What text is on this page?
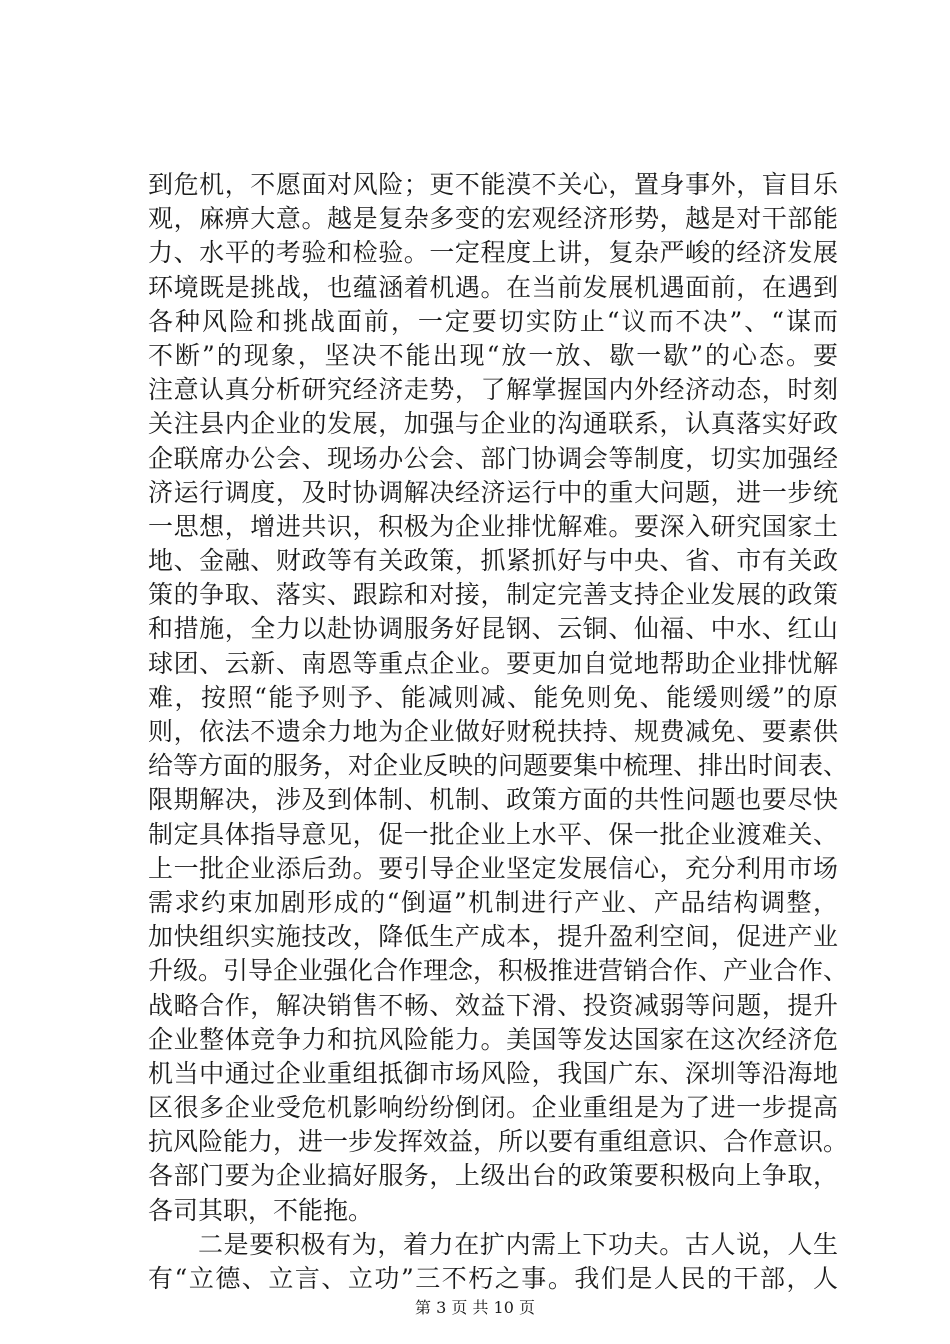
到危机，不愿面对风险；更不能漠不关心，置身事外，盲目乐
观，麻痹大意。越是复杂多变的宏观经济形势，越是对干部能
力、水平的考验和检验。一定程度上讲，复杂严峻的经济发展
环境既是挑战，也蕴涵着机遇。在当前发展机遇面前，在遇到
各种风险和挑战面前，一定要切实防止“议而不决”、“谋而
不断”的现象，坚决不能出现“放一放、歇一歇”的心态。要
注意认真分析研究经济走势，了解掌握国内外经济动态，时刻
关注县内企业的发展，加强与企业的沟通联系，认真落实好政
企联席办公会、现场办公会、部门协调会等制度，切实加强经
济运行调度，及时协调解决经济运行中的重大问题，进一步统
一思想，增进共识，积极为企业排忧解难。要深入研究国家土
地、金融、财政等有关政策，抓紧抓好与中央、省、市有关政
策的争取、落实、跟踪和对接，制定完善支持企业发展的政策
和措施，全力以赴协调服务好昆钢、云铜、仙福、中水、红山
球团、云新、南恩等重点企业。要更加自觉地帮助企业排忧解
难，按照“能予则予、能减则减、能免则免、能缓则缓”的原
则，依法不遗余力地为企业做好财税扶持、规费减免、要素供
给等方面的服务，对企业反映的问题要集中梳理、排出时间表、
限期解决，涉及到体制、机制、政策方面的共性问题也要尽快
制定具体指导意见，促一批企业上水平、保一批企业渡难关、
上一批企业添后劲。要引导企业坚定发展信心，充分利用市场
需求约束加剧形成的“倒逼”机制进行产业、产品结构调整，
加快组织实施技改，降低生产成本，提升盈利空间，促进产业
升级。引导企业强化合作理念，积极推进营销合作、产业合作、
战略合作，解决销售不畅、效益下滑、投资减弱等问题，提升
企业整体竞争力和抗风险能力。美国等发达国家在这次经济危
机当中通过企业重组抵御市场风险，我国广东、深圳等沿海地
区很多企业受危机影响纷纷倒闭。企业重组是为了进一步提高
抗风险能力，进一步发挥效益，所以要有重组意识、合作意识。
各部门要为企业搞好服务，上级出台的政策要积极向上争取，
各司其职，不能拖。
二是要积极有为，着力在扩内需上下功夫。古人说，人生
有“立德、立言、立功”三不朽之事。我们是人民的干部，人
第 3 页 共 10 页
